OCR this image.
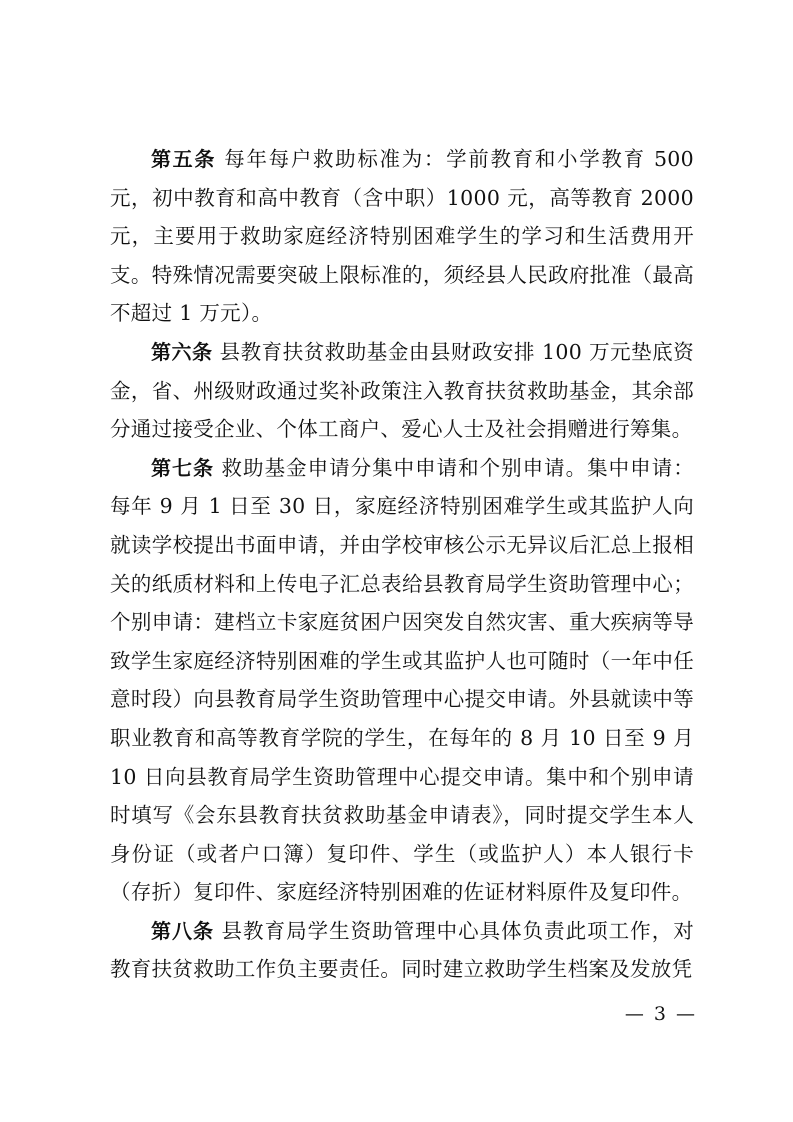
第五条 每年每户救助标准为：学前教育和小学教育 500 元，初中教育和高中教育（含中职）1000 元，高等教育 2000 元，主要用于救助家庭经济特别困难学生的学习和生活费用开支。特殊情况需要突破上限标准的，须经县人民政府批准（最高不超过 1 万元）。

第六条 县教育扶贫救助基金由县财政安排 100 万元垫底资金，省、州级财政通过奖补政策注入教育扶贫救助基金，其余部分通过接受企业、个体工商户、爱心人士及社会捐赠进行筹集。

第七条 救助基金申请分集中申请和个别申请。集中申请：每年 9 月 1 日至 30 日，家庭经济特别困难学生或其监护人向就读学校提出书面申请，并由学校审核公示无异议后汇总上报相关的纸质材料和上传电子汇总表给县教育局学生资助管理中心；个别申请：建档立卡家庭贫困户因突发自然灾害、重大疾病等导致学生家庭经济特别困难的学生或其监护人也可随时（一年中任意时段）向县教育局学生资助管理中心提交申请。外县就读中等职业教育和高等教育学院的学生，在每年的 8 月 10 日至 9 月 10 日向县教育局学生资助管理中心提交申请。集中和个别申请时填写《会东县教育扶贫救助基金申请表》，同时提交学生本人身份证（或者户口簿）复印件、学生（或监护人）本人银行卡（存折）复印件、家庭经济特别困难的佐证材料原件及复印件。

第八条 县教育局学生资助管理中心具体负责此项工作，对教育扶贫救助工作负主要责任。同时建立救助学生档案及发放凭

— 3 —
